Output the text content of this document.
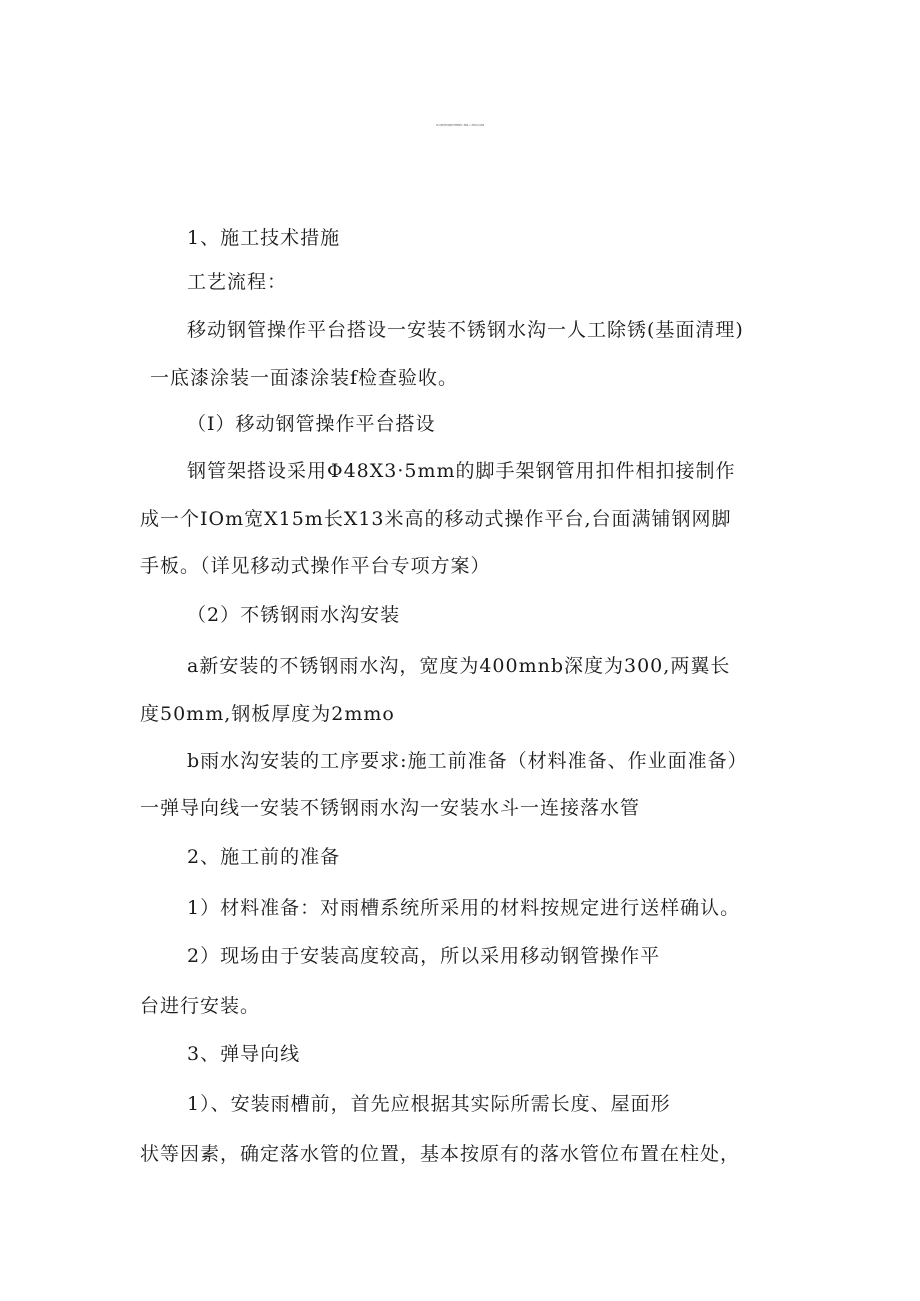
幼儿园维修改造项目风雨操场工程施工方案及技术措施
1、施工技术措施
工艺流程：
移动钢管操作平台搭设一安装不锈钢水沟一人工除锈(基面清理)
一底漆涂装一面漆涂装f检查验收。
（I）移动钢管操作平台搭设
钢管架搭设采用Φ48X3·5mm的脚手架钢管用扣件相扣接制作
成一个IOm宽X15m长X13米高的移动式操作平台,台面满铺钢网脚
手板。（详见移动式操作平台专项方案）
（2）不锈钢雨水沟安装
a新安装的不锈钢雨水沟，宽度为400mnb深度为300,两翼长
度50mm,钢板厚度为2mmo
b雨水沟安装的工序要求:施工前准备（材料准备、作业面准备）
一弹导向线一安装不锈钢雨水沟一安装水斗一连接落水管
2、施工前的准备
1）材料准备：对雨槽系统所采用的材料按规定进行送样确认。
2）现场由于安装高度较高，所以采用移动钢管操作平
台进行安装。
3、弹导向线
1）、安装雨槽前，首先应根据其实际所需长度、屋面形
状等因素，确定落水管的位置，基本按原有的落水管位布置在柱处，
